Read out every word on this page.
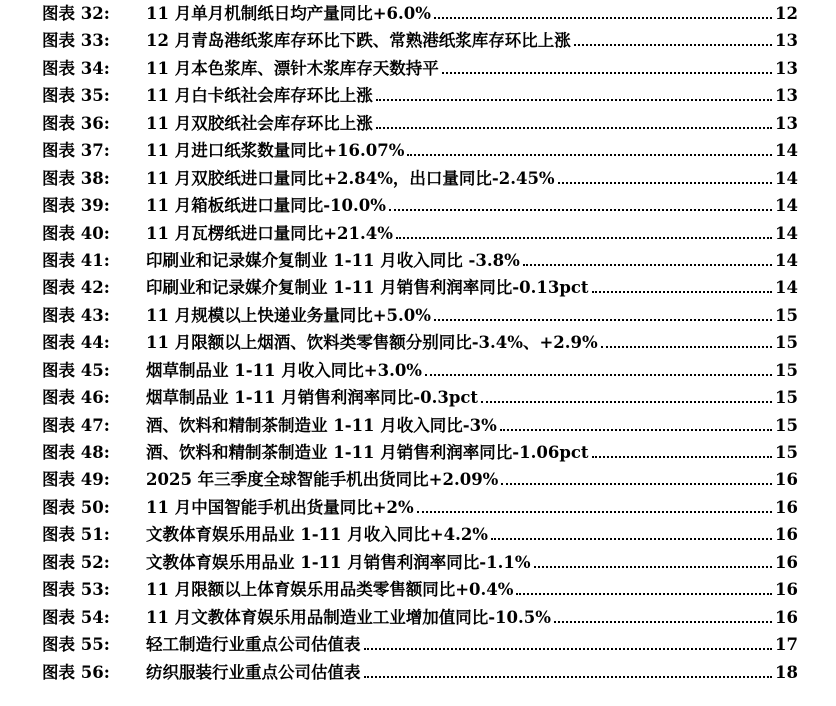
图表 32:	11 月单月机制纸日均产量同比+6.0%	12
图表 33:	12 月青岛港纸浆库存环比下跌、常熟港纸浆库存环比上涨	13
图表 34:	11 月本色浆库、漂针木浆库存天数持平	13
图表 35:	11 月白卡纸社会库存环比上涨	13
图表 36:	11 月双胶纸社会库存环比上涨	13
图表 37:	11 月进口纸浆数量同比+16.07%	14
图表 38:	11 月双胶纸进口量同比+2.84%，出口量同比-2.45%	14
图表 39:	11 月箱板纸进口量同比-10.0%	14
图表 40:	11 月瓦楞纸进口量同比+21.4%	14
图表 41:	印刷业和记录媒介复制业 1-11 月收入同比 -3.8%	14
图表 42:	印刷业和记录媒介复制业 1-11 月销售利润率同比-0.13pct	14
图表 43:	11 月规模以上快递业务量同比+5.0%	15
图表 44:	11 月限额以上烟酒、饮料类零售额分别同比-3.4%、+2.9%	15
图表 45:	烟草制品业 1-11 月收入同比+3.0%	15
图表 46:	烟草制品业 1-11 月销售利润率同比-0.3pct	15
图表 47:	酒、饮料和精制茶制造业 1-11 月收入同比-3%	15
图表 48:	酒、饮料和精制茶制造业 1-11 月销售利润率同比-1.06pct	15
图表 49:	2025 年三季度全球智能手机出货同比+2.09%	16
图表 50:	11 月中国智能手机出货量同比+2%	16
图表 51:	文教体育娱乐用品业 1-11 月收入同比+4.2%	16
图表 52:	文教体育娱乐用品业 1-11 月销售利润率同比-1.1%	16
图表 53:	11 月限额以上体育娱乐用品类零售额同比+0.4%	16
图表 54:	11 月文教体育娱乐用品制造业工业增加值同比-10.5%	16
图表 55:	轻工制造行业重点公司估值表	17
图表 56:	纺织服装行业重点公司估值表	18
